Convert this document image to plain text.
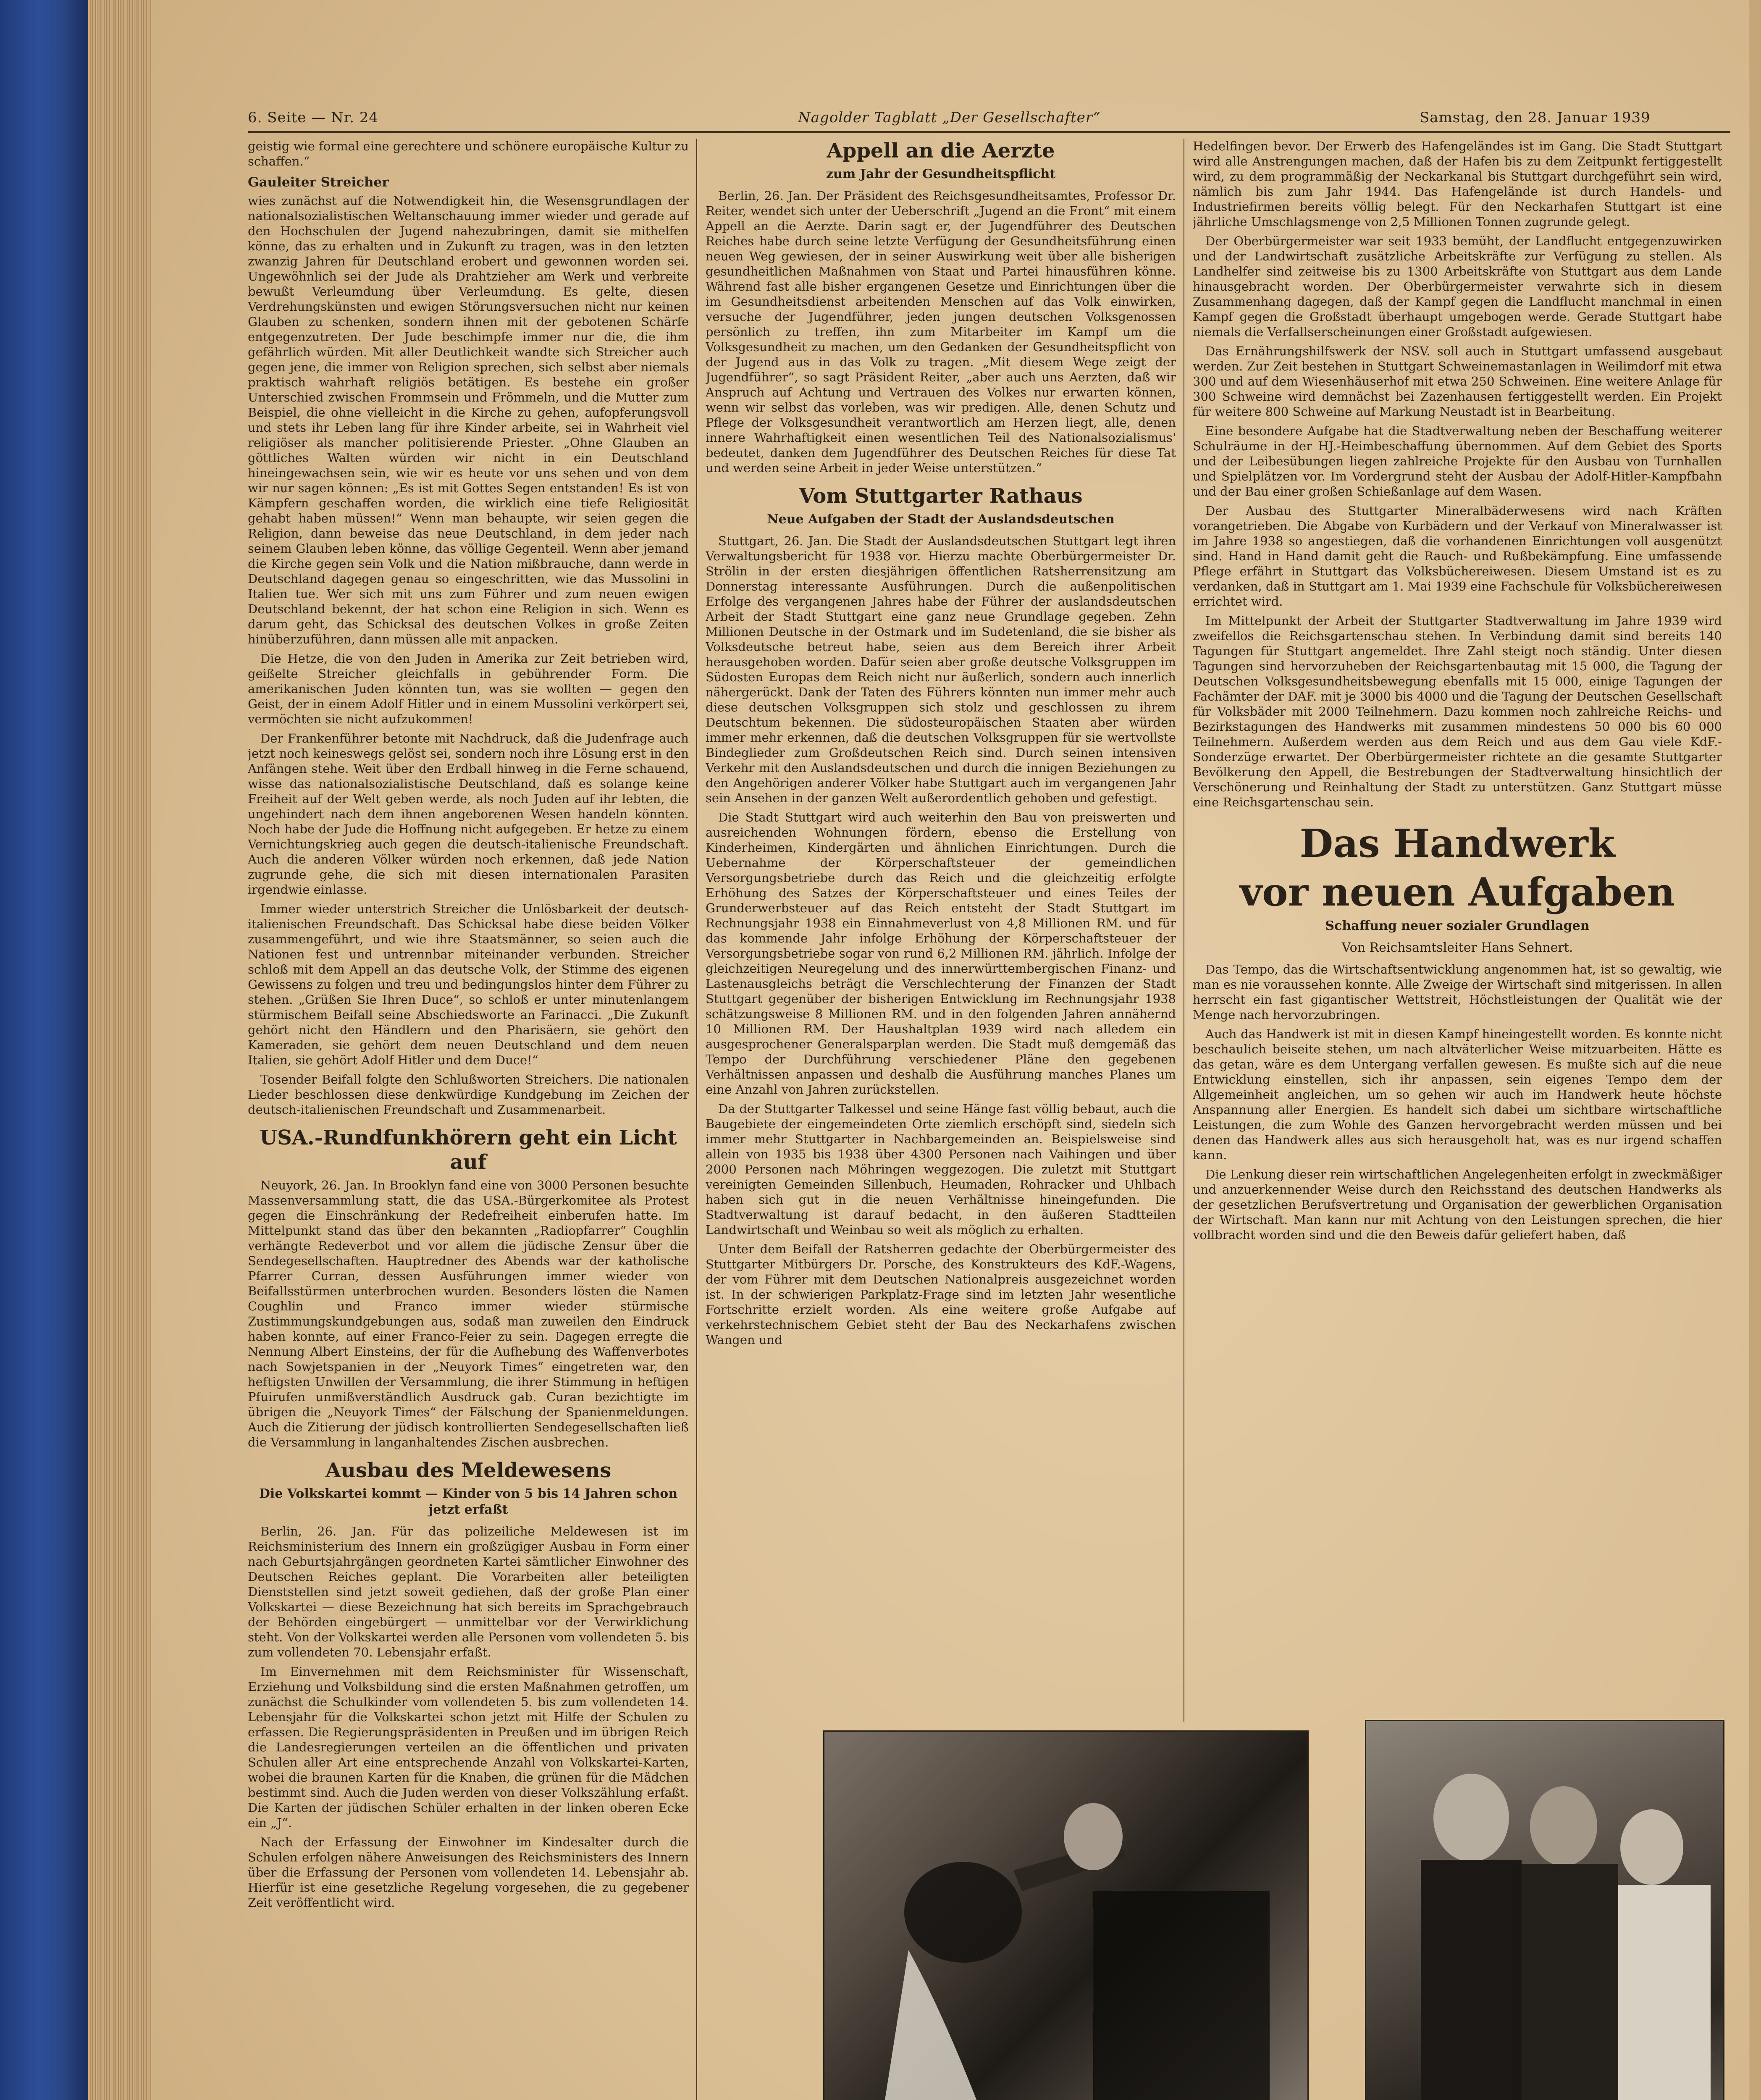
6. Seite — Nr. 24	Nagolder Tagblatt „Der Gesellschafter“	Samstag, den 28. Januar 1939

geistig wie formal eine gerechtere und schönere europäische Kultur zu schaffen.“

Gauleiter Streicher

wies zunächst auf die Notwendigkeit hin, die Wesensgrundlagen der nationalsozialistischen Weltanschauung immer wieder und gerade auf den Hochschulen der Jugend nahezubringen, damit sie mithelfen könne, das zu erhalten und in Zukunft zu tragen, was in den letzten zwanzig Jahren für Deutschland erobert und gewonnen worden sei. Ungewöhnlich sei der Jude als Drahtzieher am Werk und verbreite bewußt Verleumdung über Verleumdung. Es gelte, diesen Verdrehungskünsten und ewigen Störungsversuchen nicht nur keinen Glauben zu schenken, sondern ihnen mit der gebotenen Schärfe entgegenzutreten. Der Jude beschimpfe immer nur die, die ihm gefährlich würden. Mit aller Deutlichkeit wandte sich Streicher auch gegen jene, die immer von Religion sprechen, sich selbst aber niemals praktisch wahrhaft religiös betätigen. Es bestehe ein großer Unterschied zwischen Frommsein und Frömmeln, und die Mutter zum Beispiel, die ohne vielleicht in die Kirche zu gehen, aufopferungsvoll und stets ihr Leben lang für ihre Kinder arbeite, sei in Wahrheit viel religiöser als mancher politisierende Priester. „Ohne Glauben an göttliches Walten würden wir nicht in ein Deutschland hineingewachsen sein, wie wir es heute vor uns sehen und von dem wir nur sagen können: „Es ist mit Gottes Segen entstanden! Es ist von Kämpfern geschaffen worden, die wirklich eine tiefe Religiosität gehabt haben müssen!“ Wenn man behaupte, wir seien gegen die Religion, dann beweise das neue Deutschland, in dem jeder nach seinem Glauben leben könne, das völlige Gegenteil. Wenn aber jemand die Kirche gegen sein Volk und die Nation mißbrauche, dann werde in Deutschland dagegen genau so eingeschritten, wie das Mussolini in Italien tue. Wer sich mit uns zum Führer und zum neuen ewigen Deutschland bekennt, der hat schon eine Religion in sich. Wenn es darum geht, das Schicksal des deutschen Volkes in große Zeiten hinüberzuführen, dann müssen alle mit anpacken.

Die Hetze, die von den Juden in Amerika zur Zeit betrieben wird, geißelte Streicher gleichfalls in gebührender Form. Die amerikanischen Juden könnten tun, was sie wollten — gegen den Geist, der in einem Adolf Hitler und in einem Mussolini verkörpert sei, vermöchten sie nicht aufzukommen!

Der Frankenführer betonte mit Nachdruck, daß die Judenfrage auch jetzt noch keineswegs gelöst sei, sondern noch ihre Lösung erst in den Anfängen stehe. Weit über den Erdball hinweg in die Ferne schauend, wisse das nationalsozialistische Deutschland, daß es solange keine Freiheit auf der Welt geben werde, als noch Juden auf ihr lebten, die ungehindert nach dem ihnen angeborenen Wesen handeln könnten. Noch habe der Jude die Hoffnung nicht aufgegeben. Er hetze zu einem Vernichtungskrieg auch gegen die deutsch-italienische Freundschaft. Auch die anderen Völker würden noch erkennen, daß jede Nation zugrunde gehe, die sich mit diesen internationalen Parasiten irgendwie einlasse.

Immer wieder unterstrich Streicher die Unlösbarkeit der deutsch-italienischen Freundschaft. Das Schicksal habe diese beiden Völker zusammengeführt, und wie ihre Staatsmänner, so seien auch die Nationen fest und untrennbar miteinander verbunden. Streicher schloß mit dem Appell an das deutsche Volk, der Stimme des eigenen Gewissens zu folgen und treu und bedingungslos hinter dem Führer zu stehen. „Grüßen Sie Ihren Duce“, so schloß er unter minutenlangem stürmischem Beifall seine Abschiedsworte an Farinacci. „Die Zukunft gehört nicht den Händlern und den Pharisäern, sie gehört den Kameraden, sie gehört dem neuen Deutschland und dem neuen Italien, sie gehört Adolf Hitler und dem Duce!“

Tosender Beifall folgte den Schlußworten Streichers. Die nationalen Lieder beschlossen diese denkwürdige Kundgebung im Zeichen der deutsch-italienischen Freundschaft und Zusammenarbeit.

USA.-Rundfunkhörern geht ein Licht auf

Neuyork, 26. Jan. In Brooklyn fand eine von 3000 Personen besuchte Massenversammlung statt, die das USA.-Bürgerkomitee als Protest gegen die Einschränkung der Redefreiheit einberufen hatte. Im Mittelpunkt stand das über den bekannten „Radiopfarrer“ Coughlin verhängte Redeverbot und vor allem die jüdische Zensur über die Sendegesellschaften. Hauptredner des Abends war der katholische Pfarrer Curran, dessen Ausführungen immer wieder von Beifallsstürmen unterbrochen wurden. Besonders lösten die Namen Coughlin und Franco immer wieder stürmische Zustimmungskundgebungen aus, sodaß man zuweilen den Eindruck haben konnte, auf einer Franco-Feier zu sein. Dagegen erregte die Nennung Albert Einsteins, der für die Aufhebung des Waffenverbotes nach Sowjetspanien in der „Neuyork Times“ eingetreten war, den heftigsten Unwillen der Versammlung, die ihrer Stimmung in heftigen Pfuirufen unmißverständlich Ausdruck gab. Curan bezichtigte im übrigen die „Neuyork Times“ der Fälschung der Spanienmeldungen. Auch die Zitierung der jüdisch kontrollierten Sendegesellschaften ließ die Versammlung in langanhaltendes Zischen ausbrechen.

Ausbau des Meldewesens
Die Volkskartei kommt — Kinder von 5 bis 14 Jahren schon jetzt erfaßt

Berlin, 26. Jan. Für das polizeiliche Meldewesen ist im Reichsministerium des Innern ein großzügiger Ausbau in Form einer nach Geburtsjahrgängen geordneten Kartei sämtlicher Einwohner des Deutschen Reiches geplant. Die Vorarbeiten aller beteiligten Dienststellen sind jetzt soweit gediehen, daß der große Plan einer Volkskartei — diese Bezeichnung hat sich bereits im Sprachgebrauch der Behörden eingebürgert — unmittelbar vor der Verwirklichung steht. Von der Volkskartei werden alle Personen vom vollendeten 5. bis zum vollendeten 70. Lebensjahr erfaßt.

Im Einvernehmen mit dem Reichsminister für Wissenschaft, Erziehung und Volksbildung sind die ersten Maßnahmen getroffen, um zunächst die Schulkinder vom vollendeten 5. bis zum vollendeten 14. Lebensjahr für die Volkskartei schon jetzt mit Hilfe der Schulen zu erfassen. Die Regierungspräsidenten in Preußen und im übrigen Reich die Landesregierungen verteilen an die öffentlichen und privaten Schulen aller Art eine entsprechende Anzahl von Volkskartei-Karten, wobei die braunen Karten für die Knaben, die grünen für die Mädchen bestimmt sind. Auch die Juden werden von dieser Volkszählung erfaßt. Die Karten der jüdischen Schüler erhalten in der linken oberen Ecke ein „J“.

Nach der Erfassung der Einwohner im Kindesalter durch die Schulen erfolgen nähere Anweisungen des Reichsministers des Innern über die Erfassung der Personen vom vollendeten 14. Lebensjahr ab. Hierfür ist eine gesetzliche Regelung vorgesehen, die zu gegebener Zeit veröffentlicht wird.

Appell an die Aerzte
zum Jahr der Gesundheitspflicht

Berlin, 26. Jan. Der Präsident des Reichsgesundheitsamtes, Professor Dr. Reiter, wendet sich unter der Ueberschrift „Jugend an die Front“ mit einem Appell an die Aerzte. Darin sagt er, der Jugendführer des Deutschen Reiches habe durch seine letzte Verfügung der Gesundheitsführung einen neuen Weg gewiesen, der in seiner Auswirkung weit über alle bisherigen gesundheitlichen Maßnahmen von Staat und Partei hinausführen könne. Während fast alle bisher ergangenen Gesetze und Einrichtungen über die im Gesundheitsdienst arbeitenden Menschen auf das Volk einwirken, versuche der Jugendführer, jeden jungen deutschen Volksgenossen persönlich zu treffen, ihn zum Mitarbeiter im Kampf um die Volksgesundheit zu machen, um den Gedanken der Gesundheitspflicht von der Jugend aus in das Volk zu tragen. „Mit diesem Wege zeigt der Jugendführer“, so sagt Präsident Reiter, „aber auch uns Aerzten, daß wir Anspruch auf Achtung und Vertrauen des Volkes nur erwarten können, wenn wir selbst das vorleben, was wir predigen. Alle, denen Schutz und Pflege der Volksgesundheit verantwortlich am Herzen liegt, alle, denen innere Wahrhaftigkeit einen wesentlichen Teil des Nationalsozialismus' bedeutet, danken dem Jugendführer des Deutschen Reiches für diese Tat und werden seine Arbeit in jeder Weise unterstützen.“

Vom Stuttgarter Rathaus
Neue Aufgaben der Stadt der Auslandsdeutschen

Stuttgart, 26. Jan. Die Stadt der Auslandsdeutschen Stuttgart legt ihren Verwaltungsbericht für 1938 vor. Hierzu machte Oberbürgermeister Dr. Strölin in der ersten diesjährigen öffentlichen Ratsherrensitzung am Donnerstag interessante Ausführungen. Durch die außenpolitischen Erfolge des vergangenen Jahres habe der Führer der auslandsdeutschen Arbeit der Stadt Stuttgart eine ganz neue Grundlage gegeben. Zehn Millionen Deutsche in der Ostmark und im Sudetenland, die sie bisher als Volksdeutsche betreut habe, seien aus dem Bereich ihrer Arbeit herausgehoben worden. Dafür seien aber große deutsche Volksgruppen im Südosten Europas dem Reich nicht nur äußerlich, sondern auch innerlich nähergerückt. Dank der Taten des Führers könnten nun immer mehr auch diese deutschen Volksgruppen sich stolz und geschlossen zu ihrem Deutschtum bekennen. Die südosteuropäischen Staaten aber würden immer mehr erkennen, daß die deutschen Volksgruppen für sie wertvollste Bindeglieder zum Großdeutschen Reich sind. Durch seinen intensiven Verkehr mit den Auslandsdeutschen und durch die innigen Beziehungen zu den Angehörigen anderer Völker habe Stuttgart auch im vergangenen Jahr sein Ansehen in der ganzen Welt außerordentlich gehoben und gefestigt.

Die Stadt Stuttgart wird auch weiterhin den Bau von preiswerten und ausreichenden Wohnungen fördern, ebenso die Erstellung von Kinderheimen, Kindergärten und ähnlichen Einrichtungen. Durch die Uebernahme der Körperschaftsteuer der gemeindlichen Versorgungsbetriebe durch das Reich und die gleichzeitig erfolgte Erhöhung des Satzes der Körperschaftsteuer und eines Teiles der Grunderwerbsteuer auf das Reich entsteht der Stadt Stuttgart im Rechnungsjahr 1938 ein Einnahmeverlust von 4,8 Millionen RM. und für das kommende Jahr infolge Erhöhung der Körperschaftsteuer der Versorgungsbetriebe sogar von rund 6,2 Millionen RM. jährlich. Infolge der gleichzeitigen Neuregelung und des innerwürttembergischen Finanz- und Lastenausgleichs beträgt die Verschlechterung der Finanzen der Stadt Stuttgart gegenüber der bisherigen Entwicklung im Rechnungsjahr 1938 schätzungsweise 8 Millionen RM. und in den folgenden Jahren annähernd 10 Millionen RM. Der Haushaltplan 1939 wird nach alledem ein ausgesprochener Generalsparplan werden. Die Stadt muß demgemäß das Tempo der Durchführung verschiedener Pläne den gegebenen Verhältnissen anpassen und deshalb die Ausführung manches Planes um eine Anzahl von Jahren zurückstellen.

Da der Stuttgarter Talkessel und seine Hänge fast völlig bebaut, auch die Baugebiete der eingemeindeten Orte ziemlich erschöpft sind, siedeln sich immer mehr Stuttgarter in Nachbargemeinden an. Beispielsweise sind allein von 1935 bis 1938 über 4300 Personen nach Vaihingen und über 2000 Personen nach Möhringen weggezogen. Die zuletzt mit Stuttgart vereinigten Gemeinden Sillenbuch, Heumaden, Rohracker und Uhlbach haben sich gut in die neuen Verhältnisse hineingefunden. Die Stadtverwaltung ist darauf bedacht, in den äußeren Stadtteilen Landwirtschaft und Weinbau so weit als möglich zu erhalten.

Unter dem Beifall der Ratsherren gedachte der Oberbürgermeister des Stuttgarter Mitbürgers Dr. Porsche, des Konstrukteurs des KdF.-Wagens, der vom Führer mit dem Deutschen Nationalpreis ausgezeichnet worden ist. In der schwierigen Parkplatz-Frage sind im letzten Jahr wesentliche Fortschritte erzielt worden. Als eine weitere große Aufgabe auf verkehrstechnischem Gebiet steht der Bau des Neckarhafens zwischen Wangen und

Hedelfingen bevor. Der Erwerb des Hafengeländes ist im Gang. Die Stadt Stuttgart wird alle Anstrengungen machen, daß der Hafen bis zu dem Zeitpunkt fertiggestellt wird, zu dem programmäßig der Neckarkanal bis Stuttgart durchgeführt sein wird, nämlich bis zum Jahr 1944. Das Hafengelände ist durch Handels- und Industriefirmen bereits völlig belegt. Für den Neckarhafen Stuttgart ist eine jährliche Umschlagsmenge von 2,5 Millionen Tonnen zugrunde gelegt.

Der Oberbürgermeister war seit 1933 bemüht, der Landflucht entgegenzuwirken und der Landwirtschaft zusätzliche Arbeitskräfte zur Verfügung zu stellen. Als Landhelfer sind zeitweise bis zu 1300 Arbeitskräfte von Stuttgart aus dem Lande hinausgebracht worden. Der Oberbürgermeister verwahrte sich in diesem Zusammenhang dagegen, daß der Kampf gegen die Landflucht manchmal in einen Kampf gegen die Großstadt überhaupt umgebogen werde. Gerade Stuttgart habe niemals die Verfallserscheinungen einer Großstadt aufgewiesen.

Das Ernährungshilfswerk der NSV. soll auch in Stuttgart umfassend ausgebaut werden. Zur Zeit bestehen in Stuttgart Schweinemastanlagen in Weilimdorf mit etwa 300 und auf dem Wiesenhäuserhof mit etwa 250 Schweinen. Eine weitere Anlage für 300 Schweine wird demnächst bei Zazenhausen fertiggestellt werden. Ein Projekt für weitere 800 Schweine auf Markung Neustadt ist in Bearbeitung.

Eine besondere Aufgabe hat die Stadtverwaltung neben der Beschaffung weiterer Schulräume in der HJ.-Heimbeschaffung übernommen. Auf dem Gebiet des Sports und der Leibesübungen liegen zahlreiche Projekte für den Ausbau von Turnhallen und Spielplätzen vor. Im Vordergrund steht der Ausbau der Adolf-Hitler-Kampfbahn und der Bau einer großen Schießanlage auf dem Wasen.

Der Ausbau des Stuttgarter Mineralbäderwesens wird nach Kräften vorangetrieben. Die Abgabe von Kurbädern und der Verkauf von Mineralwasser ist im Jahre 1938 so angestiegen, daß die vorhandenen Einrichtungen voll ausgenützt sind. Hand in Hand damit geht die Rauch- und Rußbekämpfung. Eine umfassende Pflege erfährt in Stuttgart das Volksbüchereiwesen. Diesem Umstand ist es zu verdanken, daß in Stuttgart am 1. Mai 1939 eine Fachschule für Volksbüchereiwesen errichtet wird.

Im Mittelpunkt der Arbeit der Stuttgarter Stadtverwaltung im Jahre 1939 wird zweifellos die Reichsgartenschau stehen. In Verbindung damit sind bereits 140 Tagungen für Stuttgart angemeldet. Ihre Zahl steigt noch ständig. Unter diesen Tagungen sind hervorzuheben der Reichsgartenbautag mit 15 000, die Tagung der Deutschen Volksgesundheitsbewegung ebenfalls mit 15 000, einige Tagungen der Fachämter der DAF. mit je 3000 bis 4000 und die Tagung der Deutschen Gesellschaft für Volksbäder mit 2000 Teilnehmern. Dazu kommen noch zahlreiche Reichs- und Bezirkstagungen des Handwerks mit zusammen mindestens 50 000 bis 60 000 Teilnehmern. Außerdem werden aus dem Reich und aus dem Gau viele KdF.-Sonderzüge erwartet. Der Oberbürgermeister richtete an die gesamte Stuttgarter Bevölkerung den Appell, die Bestrebungen der Stadtverwaltung hinsichtlich der Verschönerung und Reinhaltung der Stadt zu unterstützen. Ganz Stuttgart müsse eine Reichsgartenschau sein.

Das Handwerk
vor neuen Aufgaben
Schaffung neuer sozialer Grundlagen
Von Reichsamtsleiter Hans Sehnert.

Das Tempo, das die Wirtschaftsentwicklung angenommen hat, ist so gewaltig, wie man es nie voraussehen konnte. Alle Zweige der Wirtschaft sind mitgerissen. In allen herrscht ein fast gigantischer Wettstreit, Höchstleistungen der Qualität wie der Menge nach hervorzubringen.

Auch das Handwerk ist mit in diesen Kampf hineingestellt worden. Es konnte nicht beschaulich beiseite stehen, um nach altväterlicher Weise mitzuarbeiten. Hätte es das getan, wäre es dem Untergang verfallen gewesen. Es mußte sich auf die neue Entwicklung einstellen, sich ihr anpassen, sein eigenes Tempo dem der Allgemeinheit angleichen, um so gehen wir auch im Handwerk heute höchste Anspannung aller Energien. Es handelt sich dabei um sichtbare wirtschaftliche Leistungen, die zum Wohle des Ganzen hervorgebracht werden müssen und bei denen das Handwerk alles aus sich herausgeholt hat, was es nur irgend schaffen kann.

Die Lenkung dieser rein wirtschaftlichen Angelegenheiten erfolgt in zweckmäßiger und anzuerkennender Weise durch den Reichsstand des deutschen Handwerks als der gesetzlichen Berufsvertretung und Organisation der gewerblichen Organisation der Wirtschaft. Man kann nur mit Achtung von den Leistungen sprechen, die hier vollbracht worden sind und die den Beweis dafür geliefert haben, daß
